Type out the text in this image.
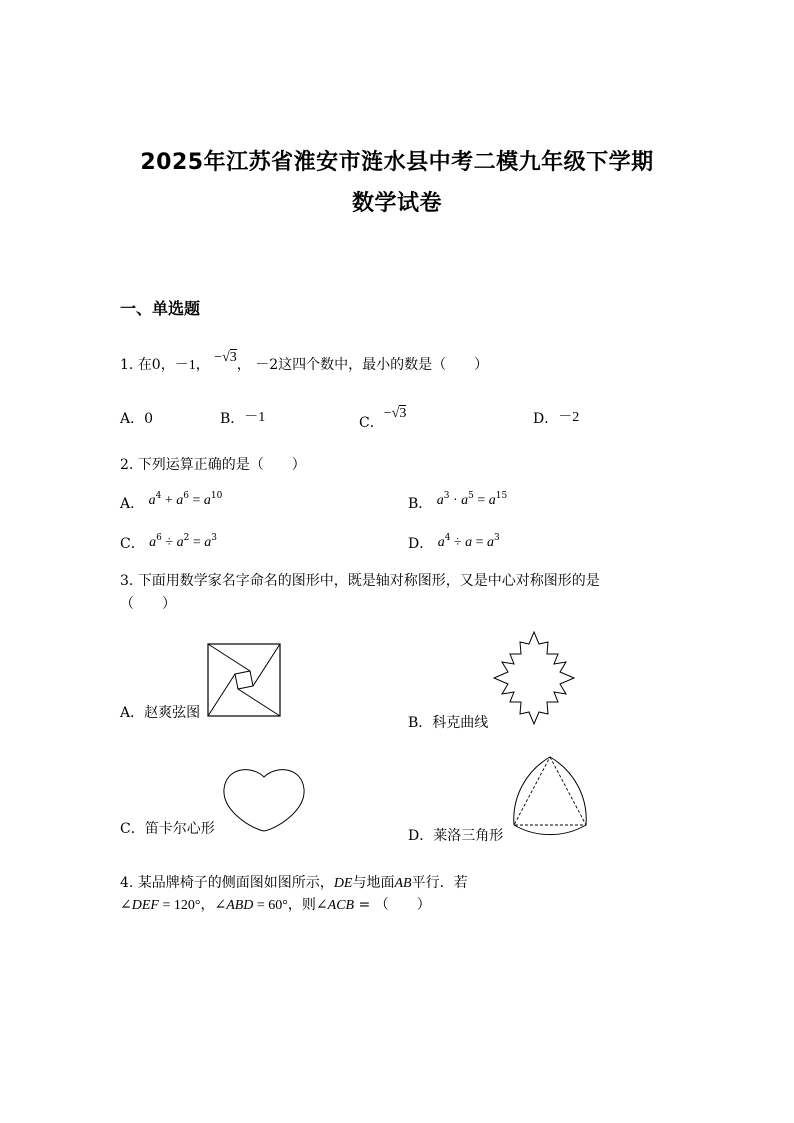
2025年江苏省淮安市涟水县中考二模九年级下学期
数学试卷
一、单选题
1. 在0，－1， −√3， －2这四个数中，最小的数是（　　）
A．0	B．－1	C．−√3	D．－2
2. 下列运算正确的是（　　）
A． $a^4 + a^6 = a^{10}$	B． $a^3 \cdot a^5 = a^{15}$
C． $a^6 \div a^2 = a^3$	D． $a^4 \div a = a^3$
3. 下面用数学家名字命名的图形中，既是轴对称图形，又是中心对称图形的是
（　　）
A．赵爽弦图
B．科克曲线
C．笛卡尔心形	D．莱洛三角形
4. 某品牌椅子的侧面图如图所示，DE与地面AB平行．若
∠DEF = 120°，∠ABD = 60°，则∠ACB = （　　）
